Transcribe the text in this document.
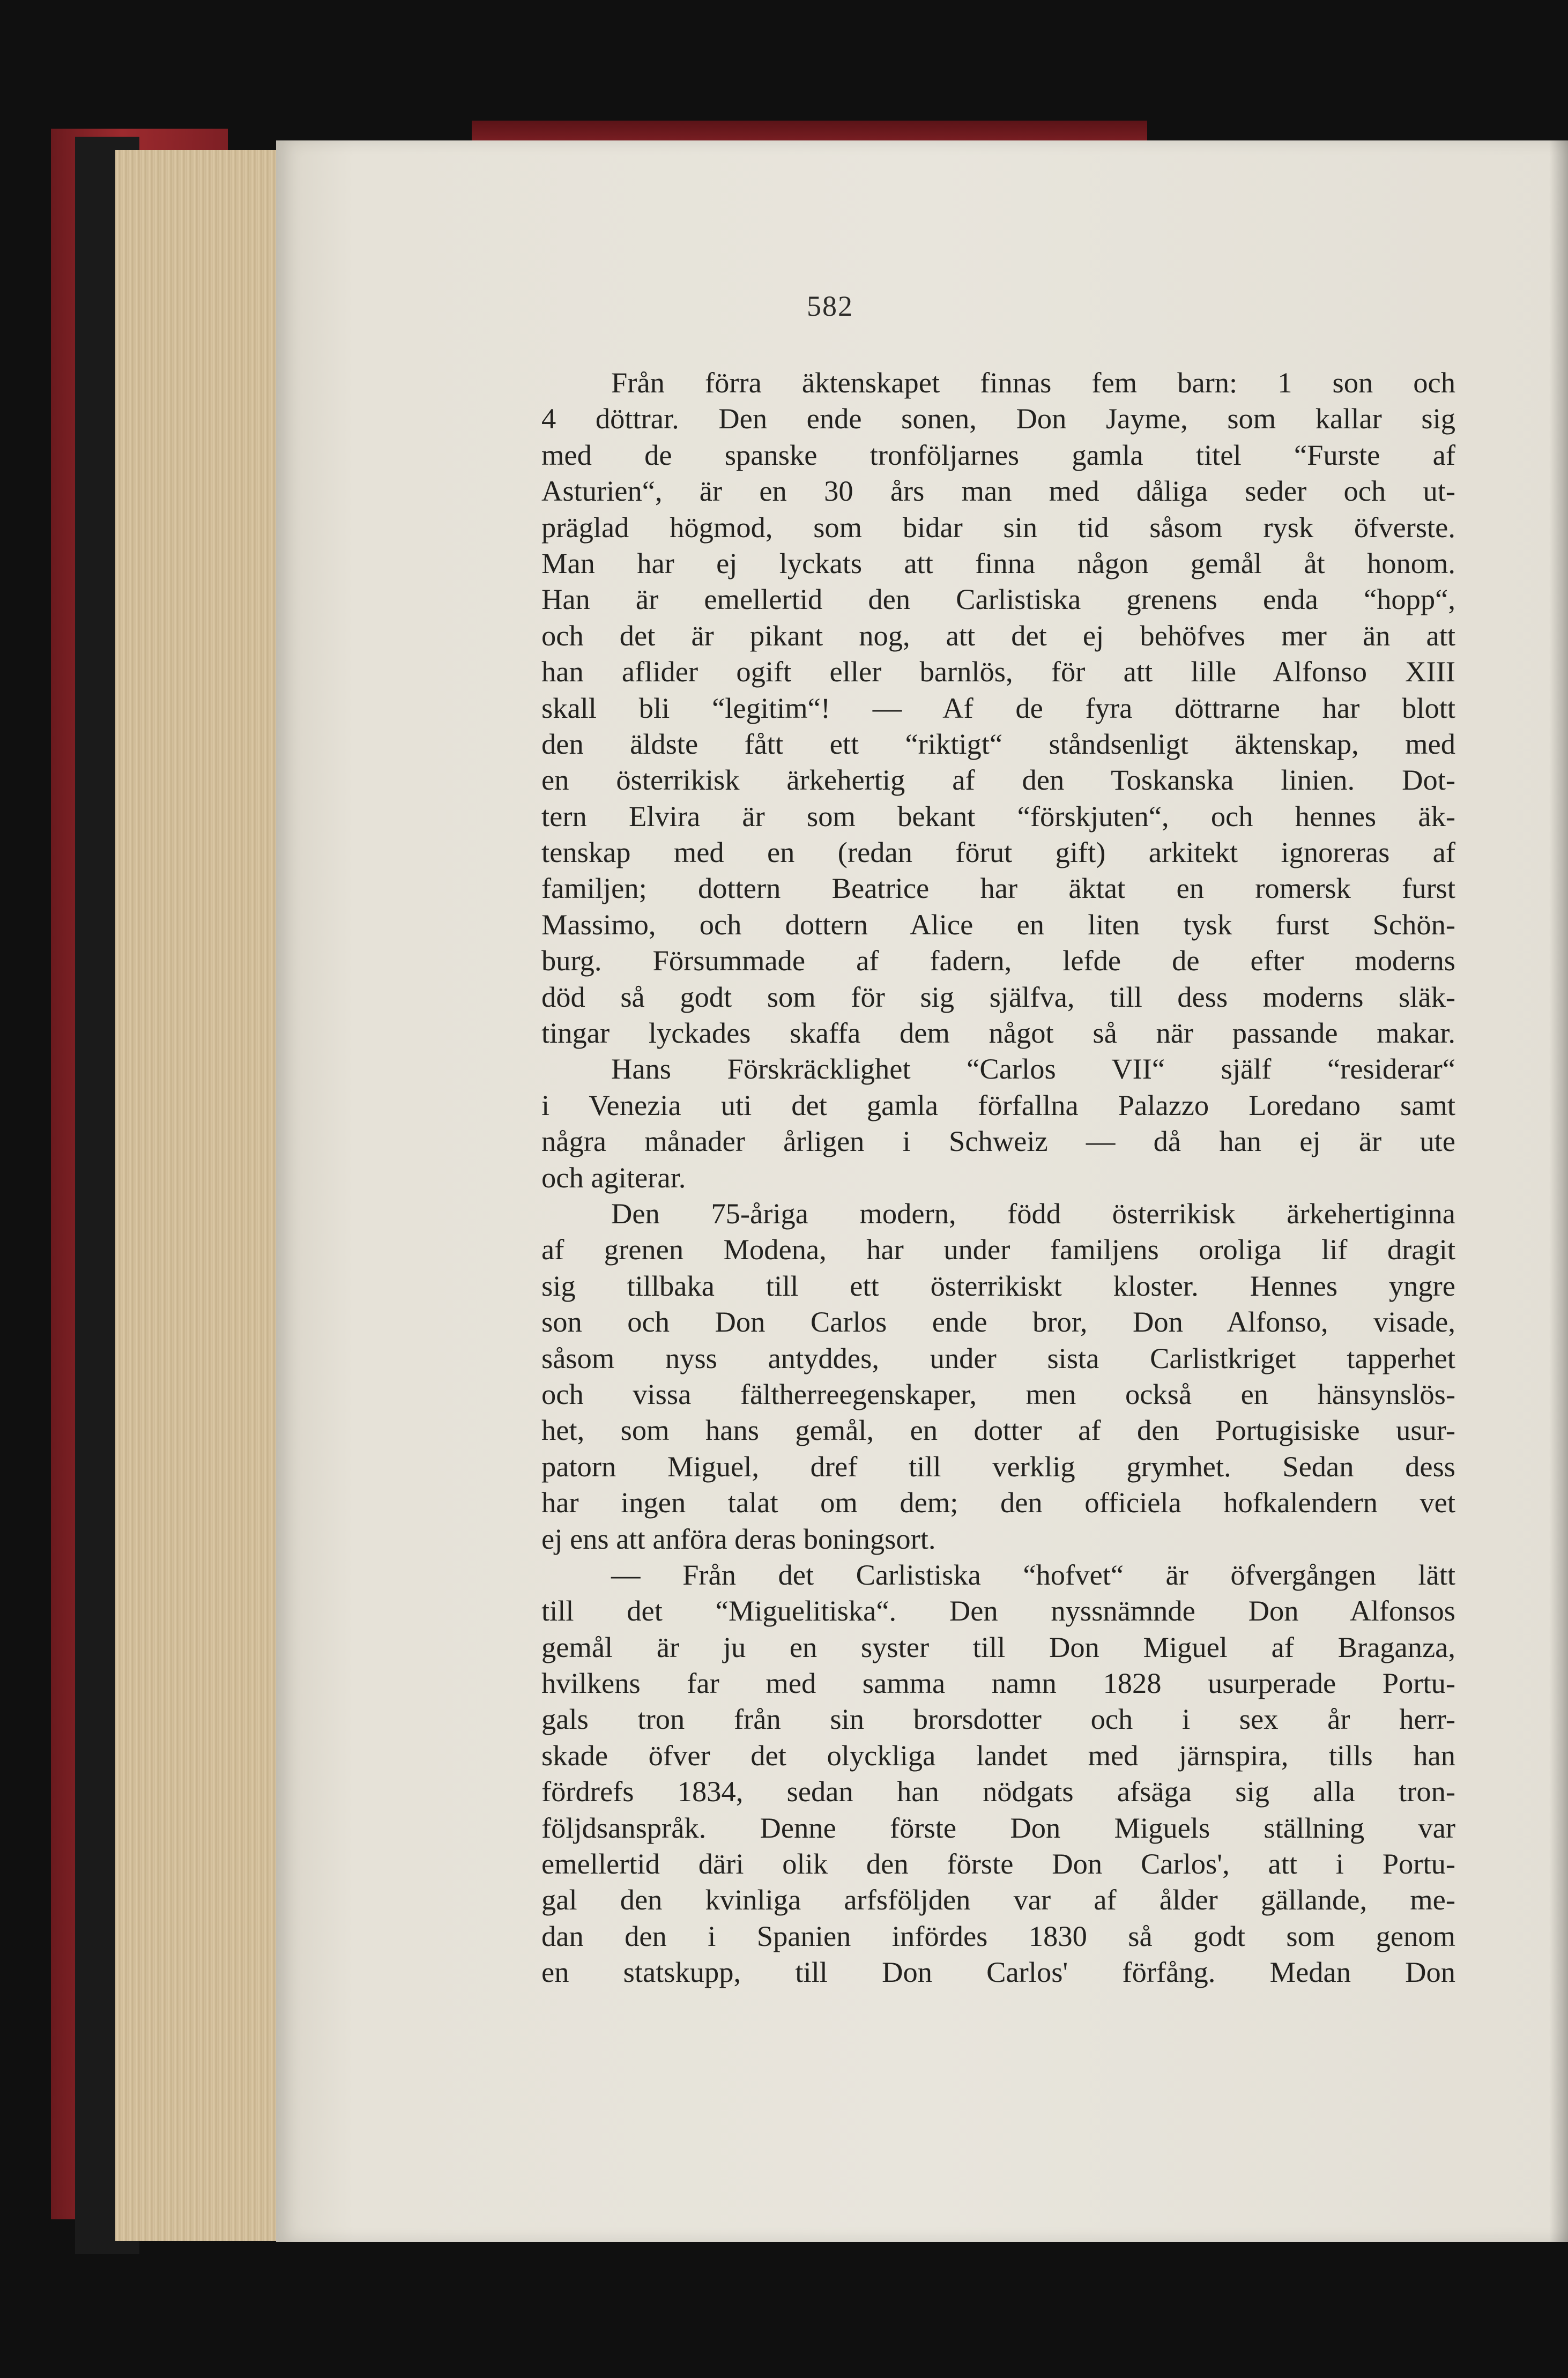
582
Från förra äktenskapet finnas fem barn: 1 son och
4 döttrar. Den ende sonen, Don Jayme, som kallar sig
med de spanske tronföljarnes gamla titel “Furste af
Asturien“, är en 30 års man med dåliga seder och ut-
präglad högmod, som bidar sin tid såsom rysk öfverste.
Man har ej lyckats att finna någon gemål åt honom.
Han är emellertid den Carlistiska grenens enda “hopp“,
och det är pikant nog, att det ej behöfves mer än att
han aflider ogift eller barnlös, för att lille Alfonso XIII
skall bli “legitim“! — Af de fyra döttrarne har blott
den äldste fått ett “riktigt“ ståndsenligt äktenskap, med
en österrikisk ärkehertig af den Toskanska linien. Dot-
tern Elvira är som bekant “förskjuten“, och hennes äk-
tenskap med en (redan förut gift) arkitekt ignoreras af
familjen; dottern Beatrice har äktat en romersk furst
Massimo, och dottern Alice en liten tysk furst Schön-
burg. Försummade af fadern, lefde de efter moderns
död så godt som för sig själfva, till dess moderns släk-
tingar lyckades skaffa dem något så när passande makar.
Hans Förskräcklighet “Carlos VII“ själf “residerar“
i Venezia uti det gamla förfallna Palazzo Loredano samt
några månader årligen i Schweiz — då han ej är ute
och agiterar.
Den 75-åriga modern, född österrikisk ärkehertiginna
af grenen Modena, har under familjens oroliga lif dragit
sig tillbaka till ett österrikiskt kloster. Hennes yngre
son och Don Carlos ende bror, Don Alfonso, visade,
såsom nyss antyddes, under sista Carlistkriget tapperhet
och vissa fältherreegenskaper, men också en hänsynslös-
het, som hans gemål, en dotter af den Portugisiske usur-
patorn Miguel, dref till verklig grymhet. Sedan dess
har ingen talat om dem; den officiela hofkalendern vet
ej ens att anföra deras boningsort.
— Från det Carlistiska “hofvet“ är öfvergången lätt
till det “Miguelitiska“. Den nyssnämnde Don Alfonsos
gemål är ju en syster till Don Miguel af Braganza,
hvilkens far med samma namn 1828 usurperade Portu-
gals tron från sin brorsdotter och i sex år herr-
skade öfver det olyckliga landet med järnspira, tills han
fördrefs 1834, sedan han nödgats afsäga sig alla tron-
följdsanspråk. Denne förste Don Miguels ställning var
emellertid däri olik den förste Don Carlos', att i Portu-
gal den kvinliga arfsföljden var af ålder gällande, me-
dan den i Spanien infördes 1830 så godt som genom
en statskupp, till Don Carlos' förfång. Medan Don
